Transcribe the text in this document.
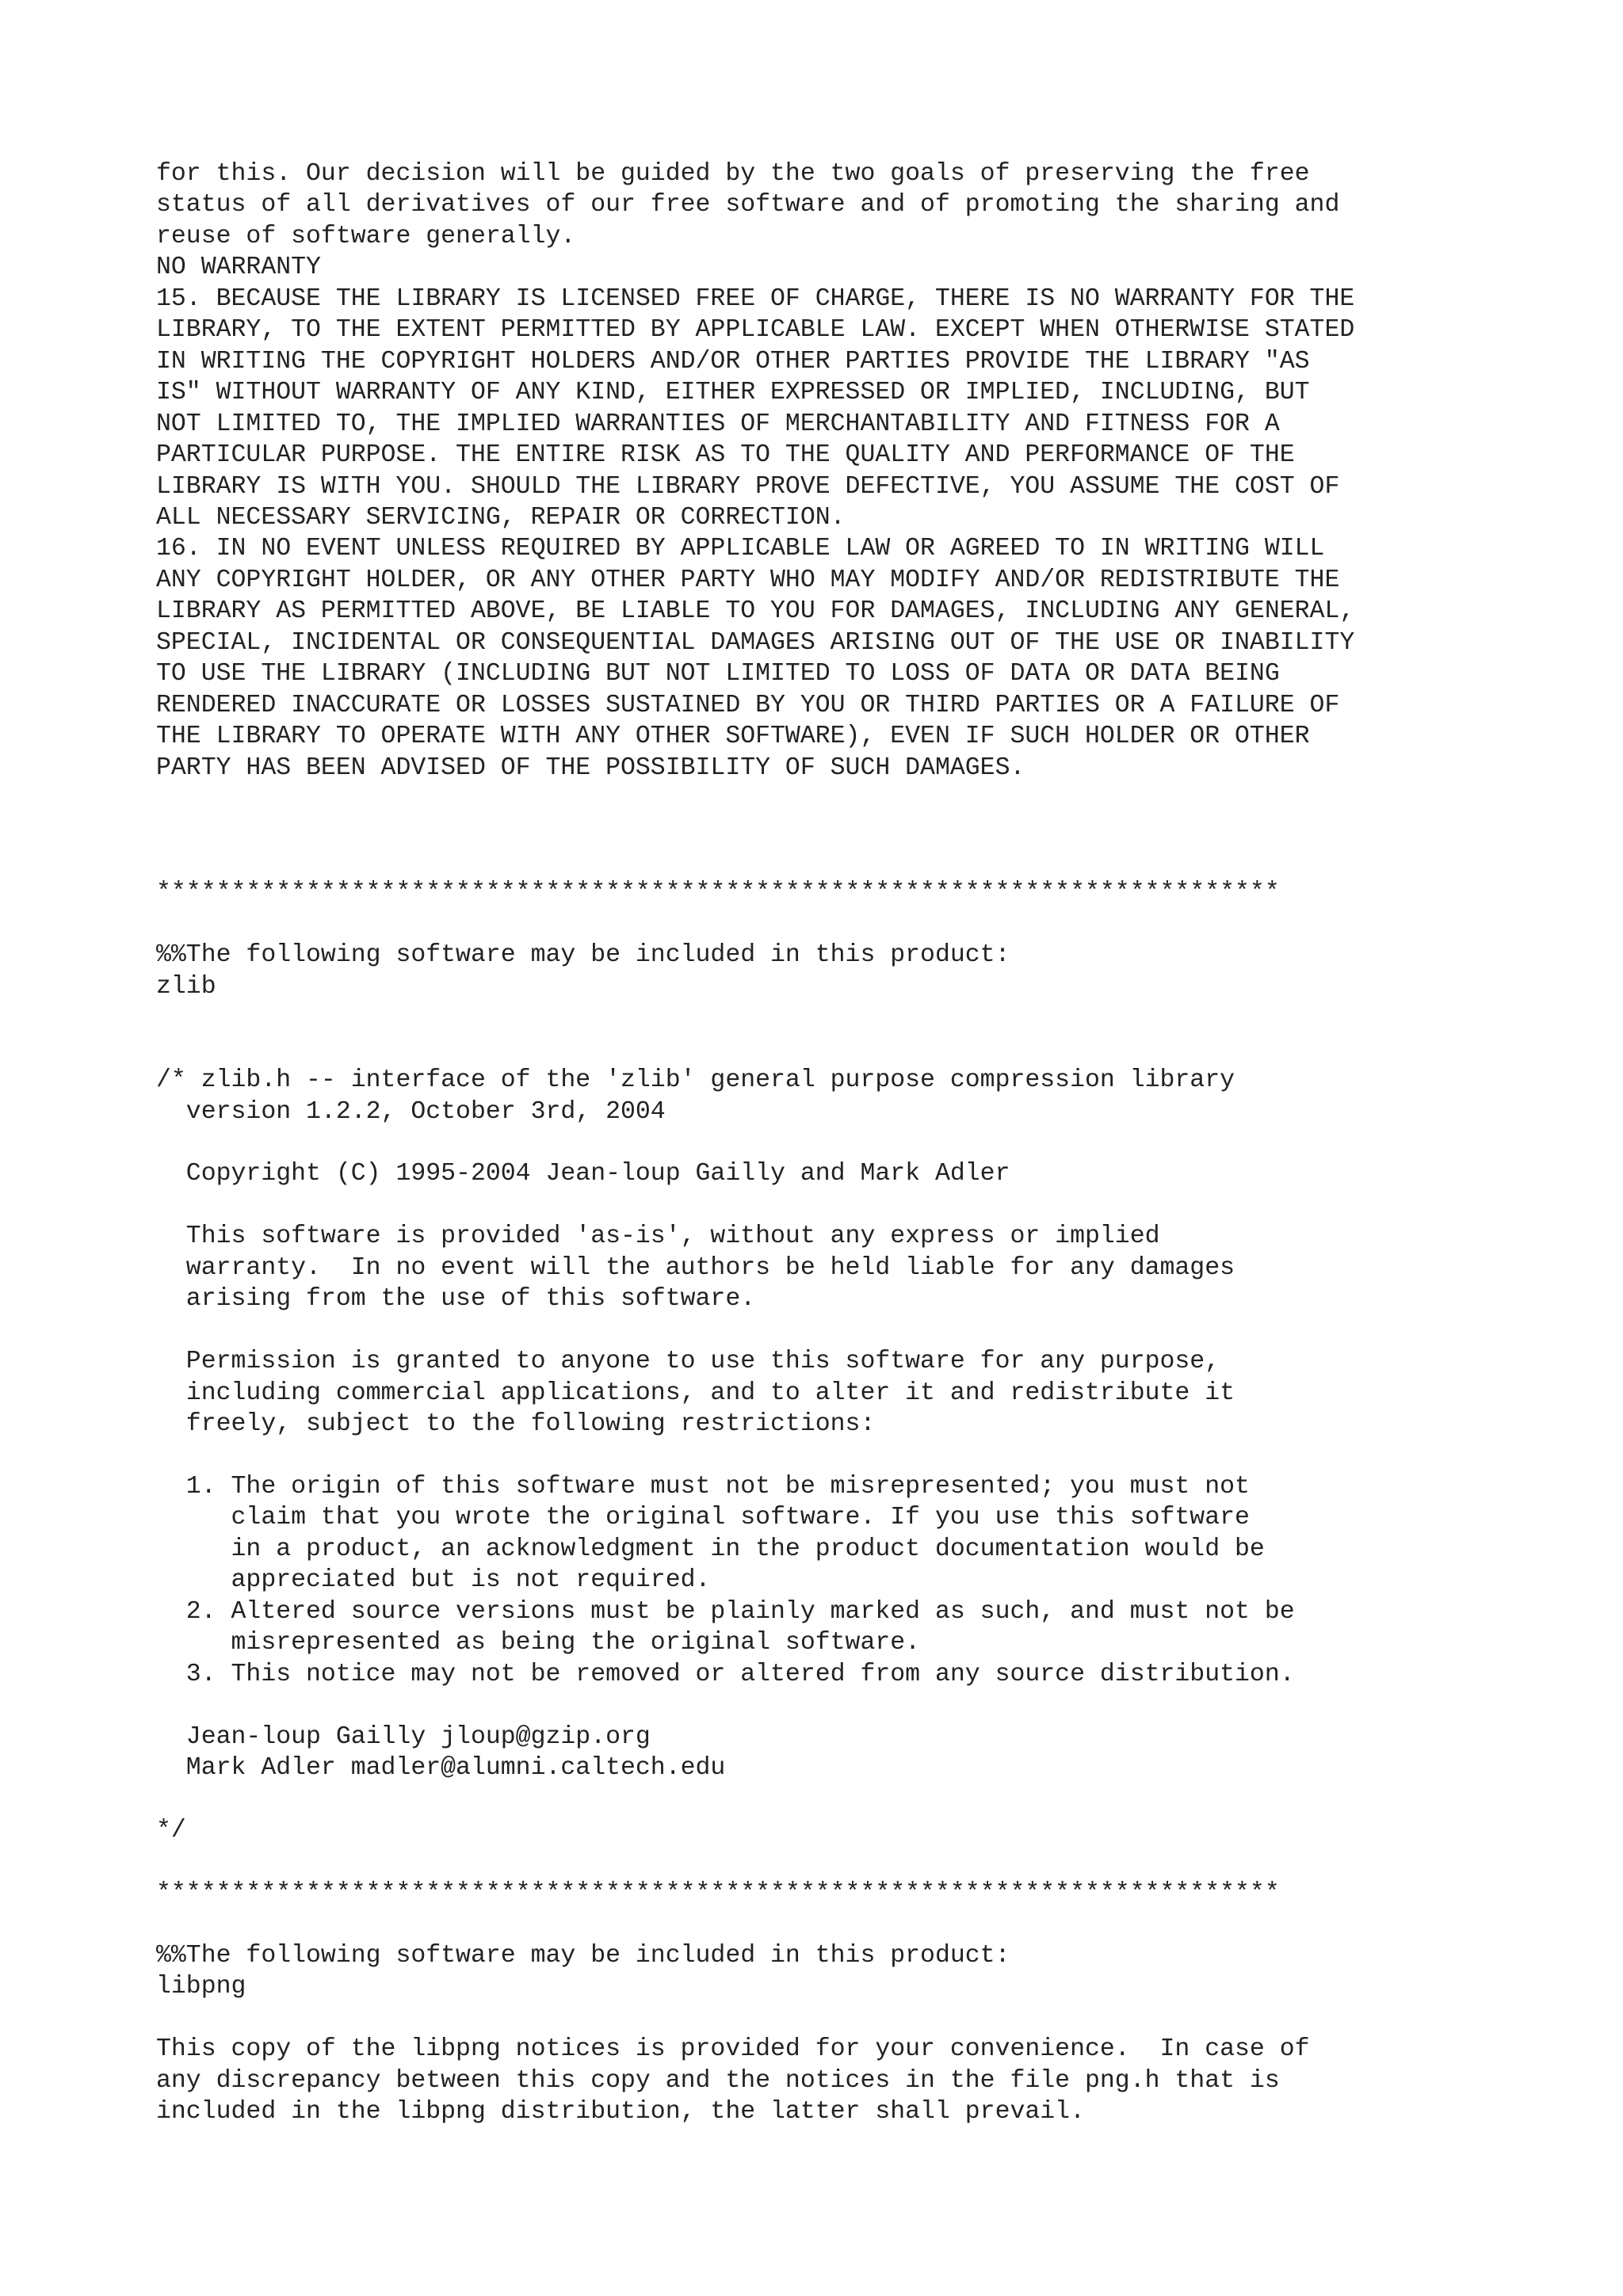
for this. Our decision will be guided by the two goals of preserving the free

status of all derivatives of our free software and of promoting the sharing and

reuse of software generally.

NO WARRANTY

15. BECAUSE THE LIBRARY IS LICENSED FREE OF CHARGE, THERE IS NO WARRANTY FOR THE

LIBRARY, TO THE EXTENT PERMITTED BY APPLICABLE LAW. EXCEPT WHEN OTHERWISE STATED

IN WRITING THE COPYRIGHT HOLDERS AND/OR OTHER PARTIES PROVIDE THE LIBRARY "AS

IS" WITHOUT WARRANTY OF ANY KIND, EITHER EXPRESSED OR IMPLIED, INCLUDING, BUT

NOT LIMITED TO, THE IMPLIED WARRANTIES OF MERCHANTABILITY AND FITNESS FOR A

PARTICULAR PURPOSE. THE ENTIRE RISK AS TO THE QUALITY AND PERFORMANCE OF THE

LIBRARY IS WITH YOU. SHOULD THE LIBRARY PROVE DEFECTIVE, YOU ASSUME THE COST OF

ALL NECESSARY SERVICING, REPAIR OR CORRECTION.

16. IN NO EVENT UNLESS REQUIRED BY APPLICABLE LAW OR AGREED TO IN WRITING WILL

ANY COPYRIGHT HOLDER, OR ANY OTHER PARTY WHO MAY MODIFY AND/OR REDISTRIBUTE THE

LIBRARY AS PERMITTED ABOVE, BE LIABLE TO YOU FOR DAMAGES, INCLUDING ANY GENERAL,

SPECIAL, INCIDENTAL OR CONSEQUENTIAL DAMAGES ARISING OUT OF THE USE OR INABILITY

TO USE THE LIBRARY (INCLUDING BUT NOT LIMITED TO LOSS OF DATA OR DATA BEING

RENDERED INACCURATE OR LOSSES SUSTAINED BY YOU OR THIRD PARTIES OR A FAILURE OF

THE LIBRARY TO OPERATE WITH ANY OTHER SOFTWARE), EVEN IF SUCH HOLDER OR OTHER

PARTY HAS BEEN ADVISED OF THE POSSIBILITY OF SUCH DAMAGES.

***************************************************************************

%%The following software may be included in this product:

zlib

/* zlib.h -- interface of the 'zlib' general purpose compression library

version 1.2.2, October 3rd, 2004

Copyright (C) 1995-2004 Jean-loup Gailly and Mark Adler

This software is provided 'as-is', without any express or implied

warranty.  In no event will the authors be held liable for any damages

arising from the use of this software.

Permission is granted to anyone to use this software for any purpose,

including commercial applications, and to alter it and redistribute it

freely, subject to the following restrictions:

1. The origin of this software must not be misrepresented; you must not

claim that you wrote the original software. If you use this software

in a product, an acknowledgment in the product documentation would be

appreciated but is not required.

2. Altered source versions must be plainly marked as such, and must not be

misrepresented as being the original software.

3. This notice may not be removed or altered from any source distribution.

Jean-loup Gailly jloup@gzip.org

Mark Adler madler@alumni.caltech.edu

*/

***************************************************************************

%%The following software may be included in this product:

libpng

This copy of the libpng notices is provided for your convenience.  In case of

any discrepancy between this copy and the notices in the file png.h that is

included in the libpng distribution, the latter shall prevail.
